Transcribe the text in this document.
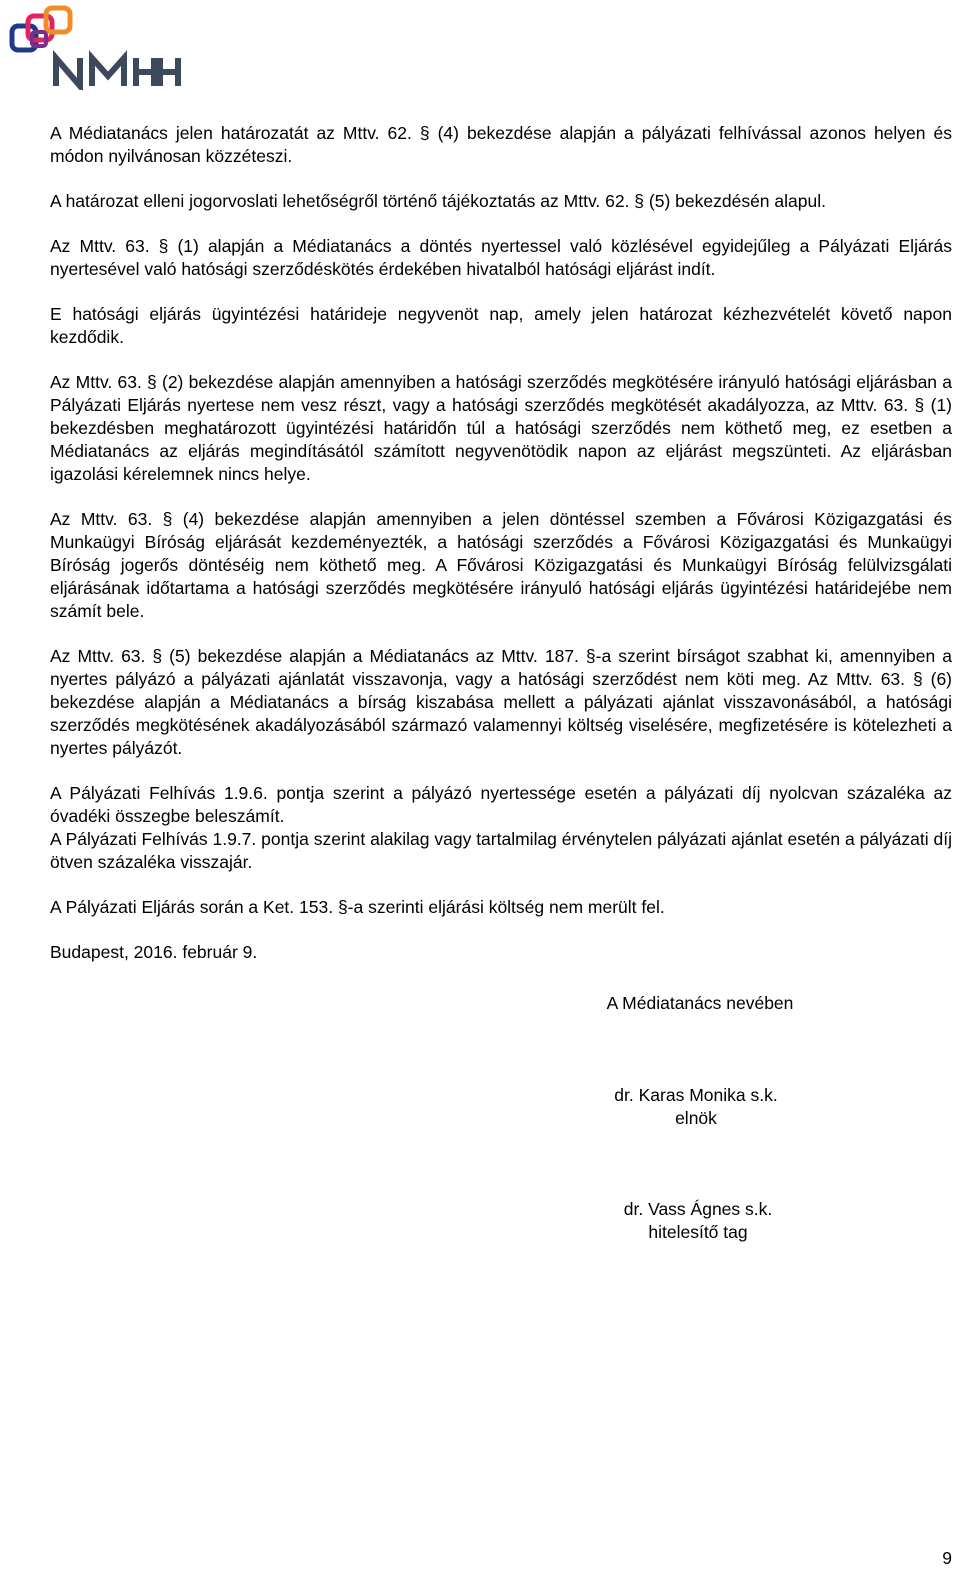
A Médiatanács jelen határozatát az Mttv. 62. § (4) bekezdése alapján a pályázati felhívással azonos helyen és módon nyilvánosan közzéteszi.

A határozat elleni jogorvoslati lehetőségről történő tájékoztatás az Mttv. 62. § (5) bekezdésén alapul.

Az Mttv. 63. § (1) alapján a Médiatanács a döntés nyertessel való közlésével egyidejűleg a Pályázati Eljárás nyertesével való hatósági szerződéskötés érdekében hivatalból hatósági eljárást indít.

E hatósági eljárás ügyintézési határideje negyvenöt nap, amely jelen határozat kézhezvételét követő napon kezdődik.

Az Mttv. 63. § (2) bekezdése alapján amennyiben a hatósági szerződés megkötésére irányuló hatósági eljárásban a Pályázati Eljárás nyertese nem vesz részt, vagy a hatósági szerződés megkötését akadályozza, az Mttv. 63. § (1) bekezdésben meghatározott ügyintézési határidőn túl a hatósági szerződés nem köthető meg, ez esetben a Médiatanács az eljárás megindításától számított negyvenötödik napon az eljárást megszünteti. Az eljárásban igazolási kérelemnek nincs helye.

Az Mttv. 63. § (4) bekezdése alapján amennyiben a jelen döntéssel szemben a Fővárosi Közigazgatási és Munkaügyi Bíróság eljárását kezdeményezték, a hatósági szerződés a Fővárosi Közigazgatási és Munkaügyi Bíróság jogerős döntéséig nem köthető meg. A Fővárosi Közigazgatási és Munkaügyi Bíróság felülvizsgálati eljárásának időtartama a hatósági szerződés megkötésére irányuló hatósági eljárás ügyintézési határidejébe nem számít bele.

Az Mttv. 63. § (5) bekezdése alapján a Médiatanács az Mttv. 187. §-a szerint bírságot szabhat ki, amennyiben a nyertes pályázó a pályázati ajánlatát visszavonja, vagy a hatósági szerződést nem köti meg. Az Mttv. 63. § (6) bekezdése alapján a Médiatanács a bírság kiszabása mellett a pályázati ajánlat visszavonásából, a hatósági szerződés megkötésének akadályozásából származó valamennyi költség viselésére, megfizetésére is kötelezheti a nyertes pályázót.

A Pályázati Felhívás 1.9.6. pontja szerint a pályázó nyertessége esetén a pályázati díj nyolcvan százaléka az óvadéki összegbe beleszámít.

A Pályázati Felhívás 1.9.7. pontja szerint alakilag vagy tartalmilag érvénytelen pályázati ajánlat esetén a pályázati díj ötven százaléka visszajár.

A Pályázati Eljárás során a Ket. 153. §-a szerinti eljárási költség nem merült fel.

Budapest, 2016. február 9.

A Médiatanács nevében
dr. Karas Monika s.k.
elnök
dr. Vass Ágnes s.k.
hitelesítő tag
9
